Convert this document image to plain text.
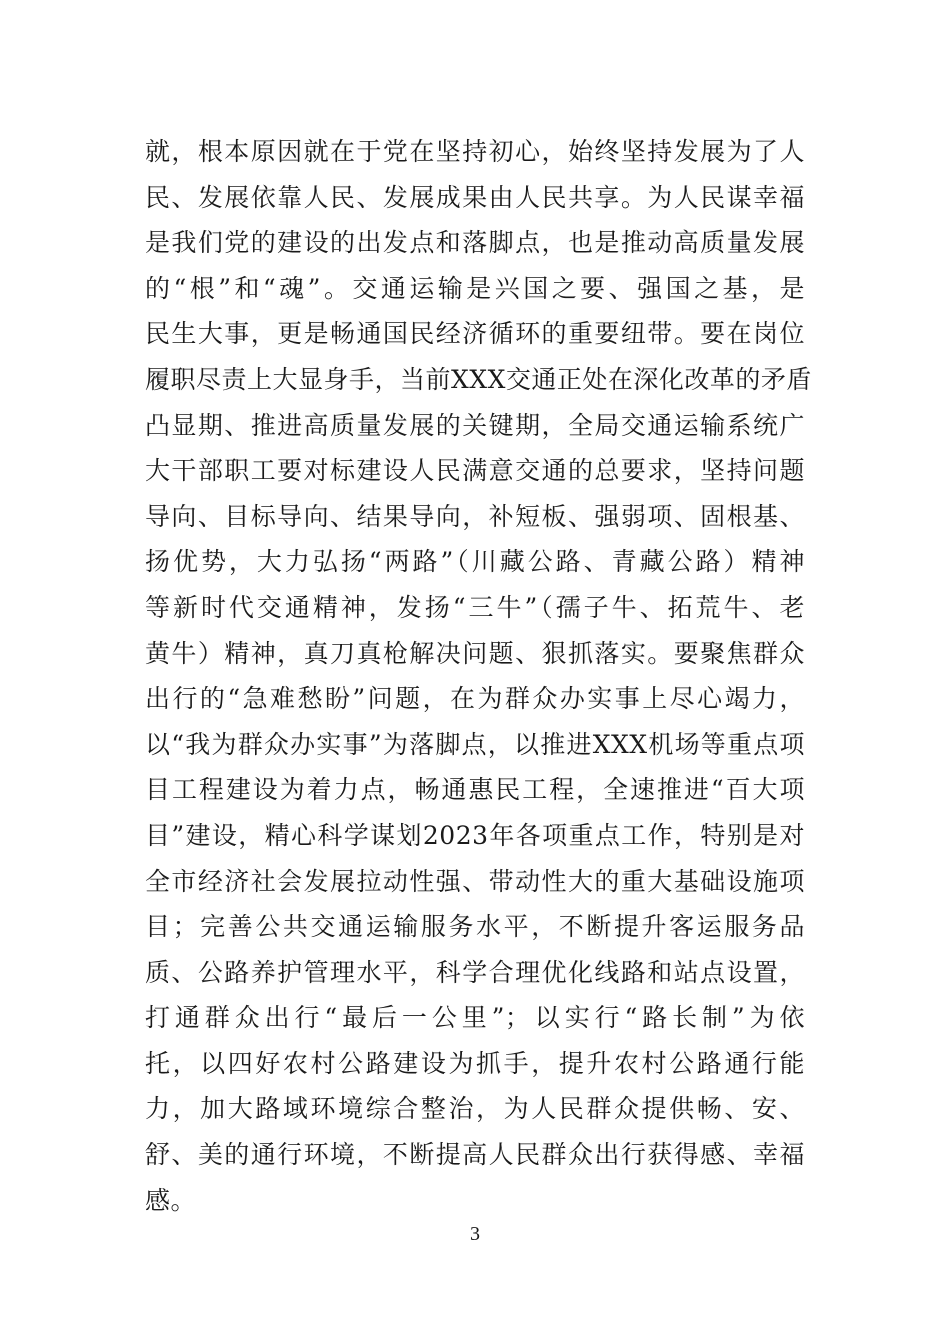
就，根本原因就在于党在坚持初心，始终坚持发展为了人
民、发展依靠人民、发展成果由人民共享。为人民谋幸福
是我们党的建设的出发点和落脚点，也是推动高质量发展
的“根”和“魂”。交通运输是兴国之要、强国之基，是
民生大事，更是畅通国民经济循环的重要纽带。要在岗位
履职尽责上大显身手，当前XXX交通正处在深化改革的矛盾
凸显期、推进高质量发展的关键期，全局交通运输系统广
大干部职工要对标建设人民满意交通的总要求，坚持问题
导向、目标导向、结果导向，补短板、强弱项、固根基、
扬优势，大力弘扬“两路”（川藏公路、青藏公路）精神
等新时代交通精神，发扬“三牛”（孺子牛、拓荒牛、老
黄牛）精神，真刀真枪解决问题、狠抓落实。要聚焦群众
出行的“急难愁盼”问题，在为群众办实事上尽心竭力，
以“我为群众办实事”为落脚点，以推进XXX机场等重点项
目工程建设为着力点，畅通惠民工程，全速推进“百大项
目”建设，精心科学谋划2023年各项重点工作，特别是对
全市经济社会发展拉动性强、带动性大的重大基础设施项
目；完善公共交通运输服务水平，不断提升客运服务品
质、公路养护管理水平，科学合理优化线路和站点设置，
打通群众出行“最后一公里”；以实行“路长制”为依
托，以四好农村公路建设为抓手，提升农村公路通行能
力，加大路域环境综合整治，为人民群众提供畅、安、
舒、美的通行环境，不断提高人民群众出行获得感、幸福
感。
3
